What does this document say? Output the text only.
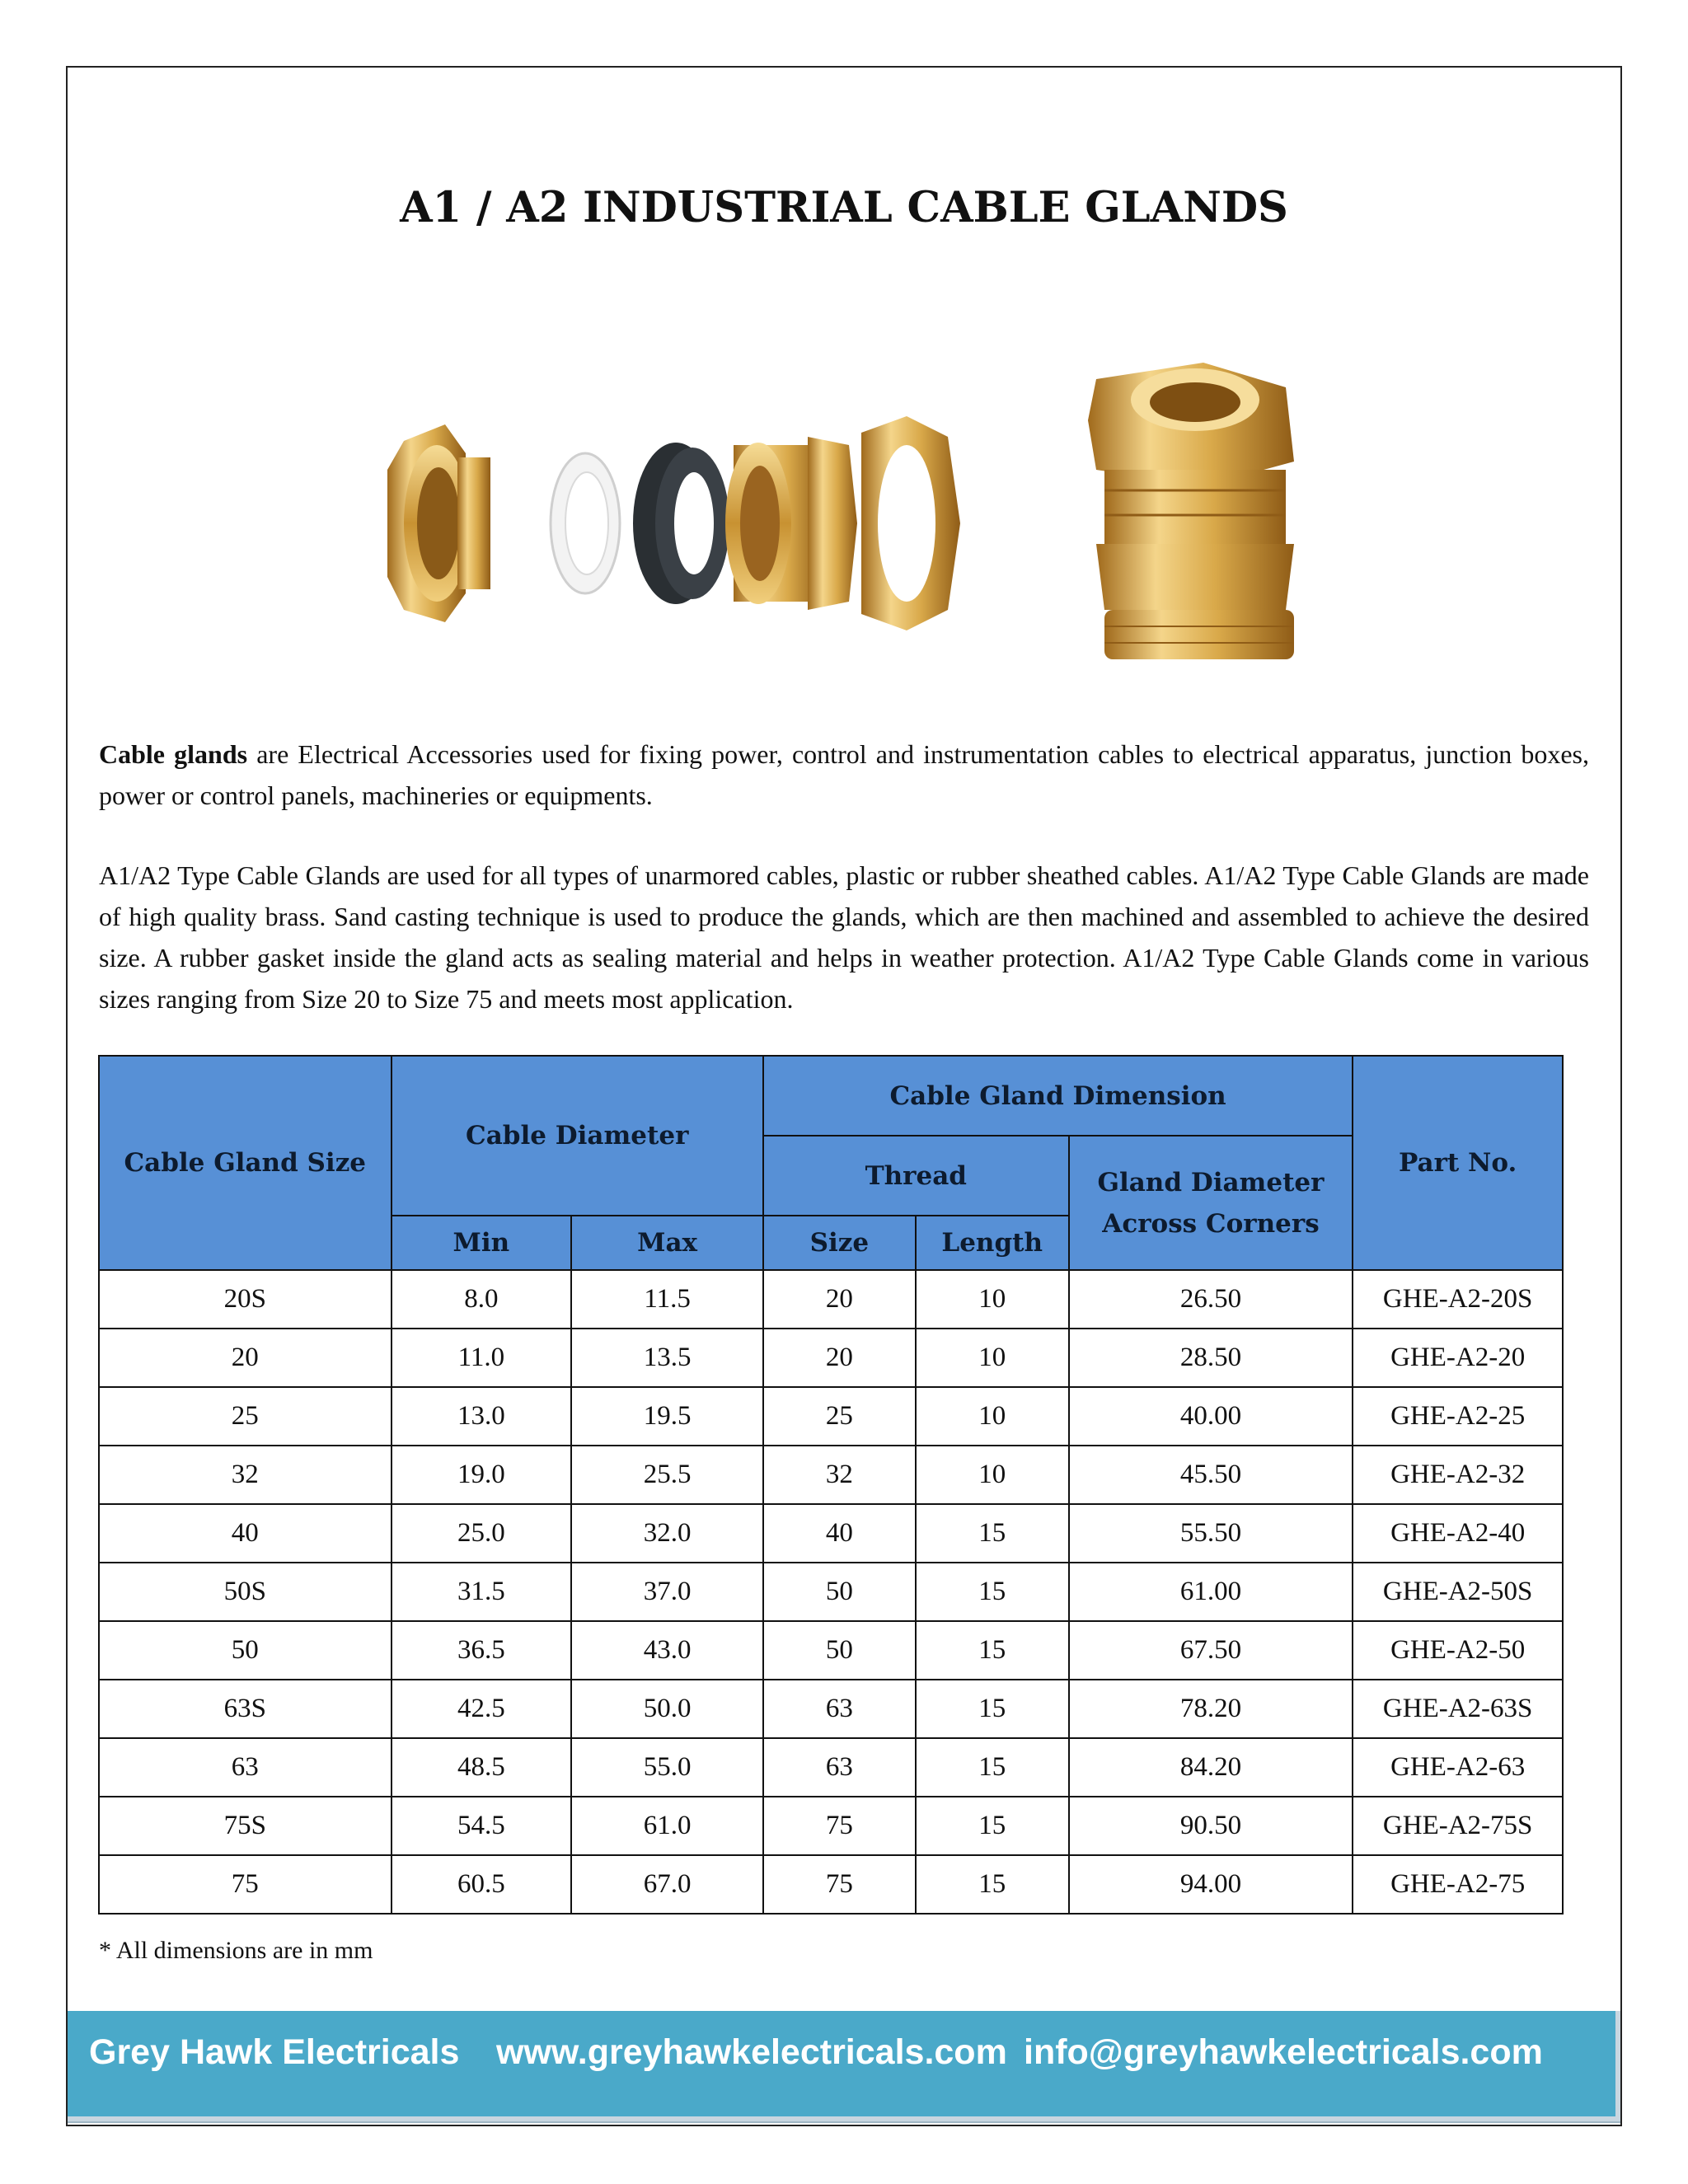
A1 / A2 INDUSTRIAL CABLE GLANDS
Cable glands are Electrical Accessories used for fixing power, control and instrumentation cables to electrical apparatus, junction boxes, power or control panels, machineries or equipments.
A1/A2 Type Cable Glands are used for all types of unarmored cables, plastic or rubber sheathed cables. A1/A2 Type Cable Glands are made of high quality brass. Sand casting technique is used to produce the glands, which are then machined and assembled to achieve the desired size. A rubber gasket inside the gland acts as sealing material and helps in weather protection. A1/A2 Type Cable Glands come in various sizes ranging from Size 20 to Size 75 and meets most application.
Cable Gland Size	Cable Diameter		Cable Gland Dimension			Part No.
			Thread		Gland Diameter Across Corners	
	Min	Max	Size	Length		
20S	8.0	11.5	20	10	26.50	GHE-A2-20S
20	11.0	13.5	20	10	28.50	GHE-A2-20
25	13.0	19.5	25	10	40.00	GHE-A2-25
32	19.0	25.5	32	10	45.50	GHE-A2-32
40	25.0	32.0	40	15	55.50	GHE-A2-40
50S	31.5	37.0	50	15	61.00	GHE-A2-50S
50	36.5	43.0	50	15	67.50	GHE-A2-50
63S	42.5	50.0	63	15	78.20	GHE-A2-63S
63	48.5	55.0	63	15	84.20	GHE-A2-63
75S	54.5	61.0	75	15	90.50	GHE-A2-75S
75	60.5	67.0	75	15	94.00	GHE-A2-75
* All dimensions are in mm
Grey Hawk Electricals www.greyhawkelectricals.com info@greyhawkelectricals.com
